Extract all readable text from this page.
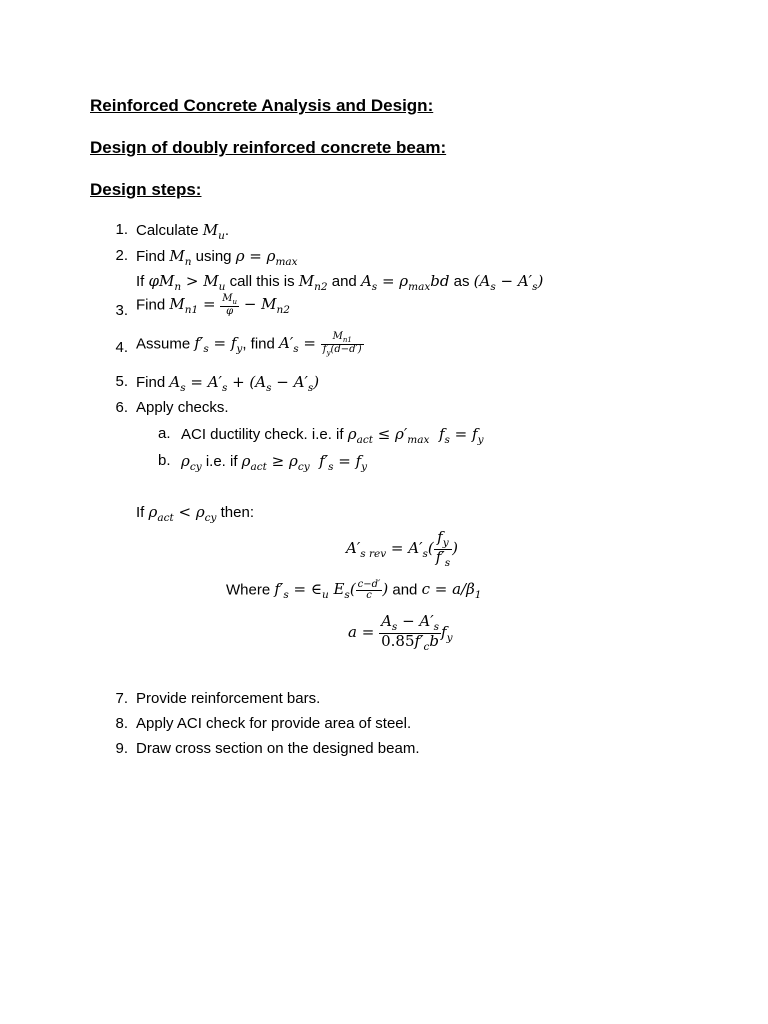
Reinforced Concrete Analysis and Design:
Design of doubly reinforced concrete beam:
Design steps:
1. Calculate $M_u$.
2. Find $M_n$ using $\rho = \rho_{max}$
If $\varphi M_n > M_u$ call this is $M_{n2}$ and $A_s = \rho_{max}bd$ as $(A_s - A'_s)$
3. Find $M_{n1} = \frac{M_u}{\varphi} - M_{n2}$
4. Assume $f'_s = f_y$, find $A'_s = \frac{M_{n1}}{f_y(d-d')}$
5. Find $A_s = A'_s + (A_s - A'_s)$
6. Apply checks.
a. ACI ductility check. i.e. if $\rho_{act} \le \rho'_{max}$  $f_s = f_y$
b. $\rho_{cy}$ i.e. if $\rho_{act} \ge \rho_{cy}$  $f'_s = f_y$
If $\rho_{act} < \rho_{cy}$ then:
$A'_{s rev} = A'_s( \frac{f_y}{f'_s}$ )
Where $f'_s$ = $\in_u$ $E_s( \frac{c-d'}{c}$ ) and $c = a/\beta_1$
$a = \frac{A_s - A'_s}{0.85f'_cb} f_y$
7. Provide reinforcement bars.
8. Apply ACI check for provide area of steel.
9. Draw cross section on the designed beam.
